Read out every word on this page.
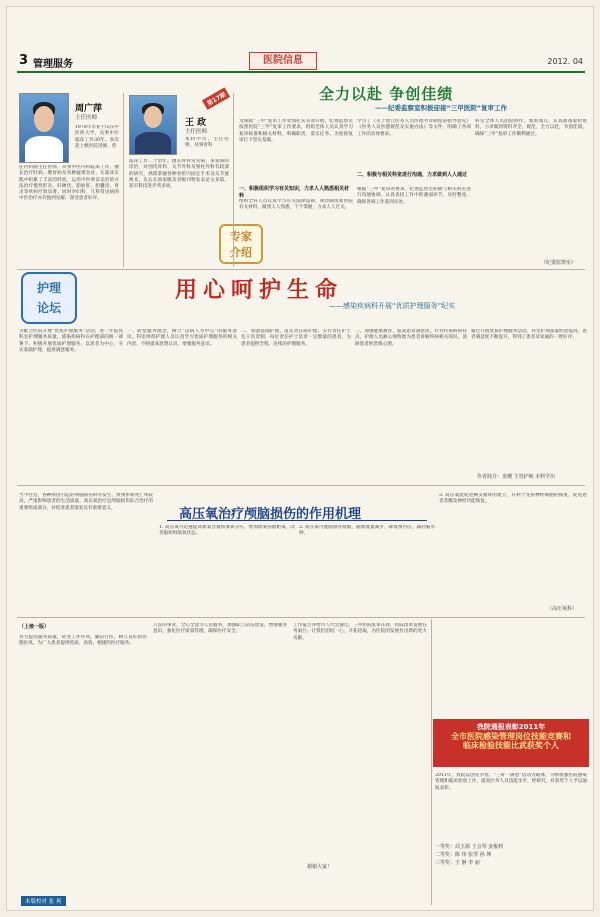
3 管理服务	医院信息	2012. 04
周广萍
主任医师
1978年毕业于山东中医药大学，从事中医临床工作30年。多次赴上级医院进修，曾
任内科副主任医师，从事中医内科临床工作，擅长治疗肝病、脾胃病及各种疑难杂症，在临床实践中积累了丰富的经验，运用中医辨证论治的方法治疗慢性肝炎、肝硬化、脂肪肝、胆囊炎、胃炎等疾病疗效显著。同时对妇科、儿科常见病的中医治疗亦有独到见解，深受患者好评。
第17期
王 政
主任医师
本科学历，主任医师，从事骨科
临床工作二十余年。擅长骨科常见病、多发病的诊治，对创伤骨科、关节外科及脊柱外科有较深的研究，熟练掌握各种骨折内固定手术及关节置换术，先后在国家级及省级刊物发表论文多篇，获市科技进步奖多项。
专家
介绍
全力以赴 争创佳绩
——纪委监察室积极迎接“三甲医院”复审工作
为保障“三甲”复审工作更加扎实有效开展，纪委监察室按照医院“三甲”复审工作要求，组织全体人员认真学习复审标准和相关材料，明确职责，落实任务，为迎接复审打下坚实基础。
一、积极组织学习有关知识，力求人人熟悉相关材料
组织全科人员认真学习有关法律法规、规章制度和医院有关材料，做到人人熟悉，个个掌握，力求人人过关。
学习了《关于建立医务人员医德考评制度的指导意见》《医务人员医德规范及实施办法》等文件，明确了各项工作的具体要求。
二、积极与相关科室进行沟通，力求做到人人通过
根据“三甲”复审的要求，纪委监察室积极与相关科室进行沟通协调，认真查找工作中的薄弱环节，及时整改，确保各项工作落到实处。
科室全体人员团结协作，加班加点，认真准备迎检资料，力求做到资料齐全、规范，全力以赴，争创佳绩，确保“三甲”复审工作顺利通过。
（纪委监察室）
护理
论坛
用心呵护生命
——感染疾病科开展“优质护理服务”纪实
为配合医院开展“优质护理服务”活动，进一步提高科室护理服务质量，感染疾病科在护理部的统一部署下，积极开展优质护理服务，以患者为中心，夯实基础护理，提供满意服务。
一、转变服务理念，树立“以病人为中心”的服务意识。科室组织护理人员认真学习优质护理服务的相关内容，不断提高思想认识，增强服务意识。
二、加强基础护理，落实责任制护理。实行责任护士包干负责制，每位责任护士负责一定数量的患者，为患者提供全程、连续的护理服务。
三、加强健康教育，提高患者满意度。针对传染病的特点，护理人员耐心细致地为患者讲解疾病相关知识，消除患者的恐惧心理。
通过开展优质护理服务活动，科室护理质量明显提高，患者满意度不断提升，得到了患者及家属的一致好评。
作者简介：龙珊 主管护师 本科学历
高压氧治疗颅脑损伤的作用机理
当今社会，各种原因引起的颅脑损伤时有发生，致残率和死亡率较高，严重影响患者的生活质量。高压氧治疗是颅脑损伤综合治疗的重要组成部分，对促进患者康复具有重要意义。
1. 高压氧可迅速提高血氧含量和血氧分压，增加血氧弥散距离，改善脑组织缺氧状态。
2. 高压氧可使脑血管收缩，脑血流量减少，降低颅内压，减轻脑水肿。
3. 高压氧能促进侧支循环的建立，有利于受损神经细胞的恢复，促进患者苏醒及神经功能恢复。
（高压氧科）
（上接一版）
努力提高服务质量，转变工作作风，廉洁行医，树立良好的医德医风，为广大患者提供优质、高效、便捷的医疗服务。
人民的事业，全心全意为人民服务，加强职工队伍建设，增强服务意识，强化医疗质量管理，确保医疗安全。
工作报告并给市人代会通过。三甲医院复审在即，医院改革发展任务艰巨，让我们团结一心，开拓进取，为医院的发展作出新的更大贡献。
谢谢大家！
我院通报表彰2011年
全市医院感染管理岗位技能竞赛和
临床检验技能比武获奖个人
2011年，我院以创先争优、“三好一满意”活动为载体，不断加强医院感染管理和临床检验工作，提高医务人员技能水平，经研究，对获奖个人予以通报表彰。
一等奖：高玉源 王会琴 姜俊莉
二等奖：陈 伟 张琴 孙 坤
三等奖：王 静 李 丽
本版校对 张 爽
